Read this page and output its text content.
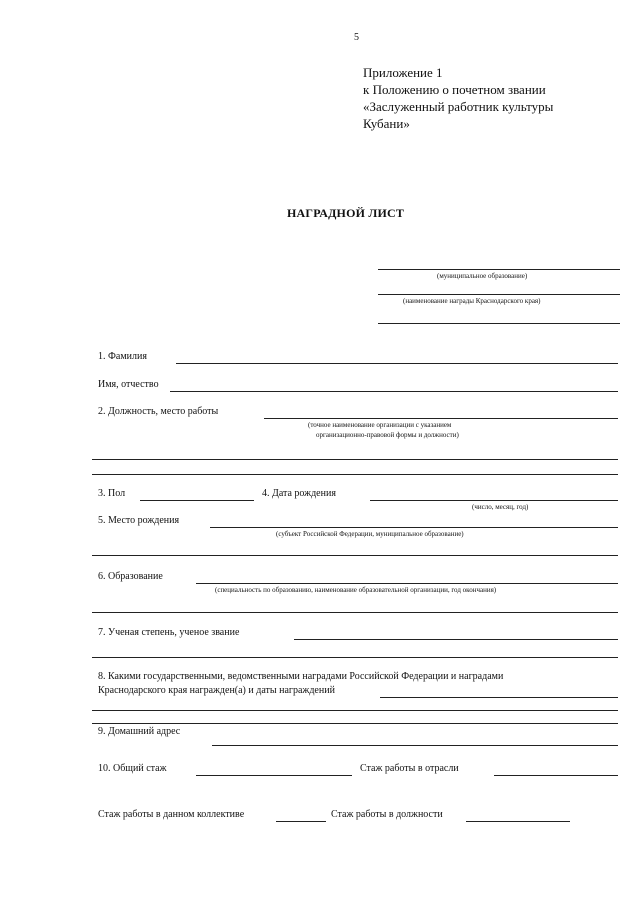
5
Приложение 1
к Положению о почетном звании
«Заслуженный работник культуры
Кубани»
НАГРАДНОЙ ЛИСТ
(муниципальное образование)
(наименование награды Краснодарского края)
1. Фамилия
Имя, отчество
2. Должность, место работы
(точное наименование организации с указанием
организационно-правовой формы и должности)
3. Пол	4. Дата рождения
(число, месяц, год)
5. Место рождения
(субъект Российской Федерации, муниципальное образование)
6. Образование
(специальность по образованию, наименование образовательной организации, год окончания)
7. Ученая степень, ученое звание
8. Какими государственными, ведомственными наградами Российской Федерации и наградами
Краснодарского края награжден(а) и даты награждений
9. Домашний адрес
10. Общий стаж	Стаж работы в отрасли
Стаж работы в данном коллективе	Стаж работы в должности
